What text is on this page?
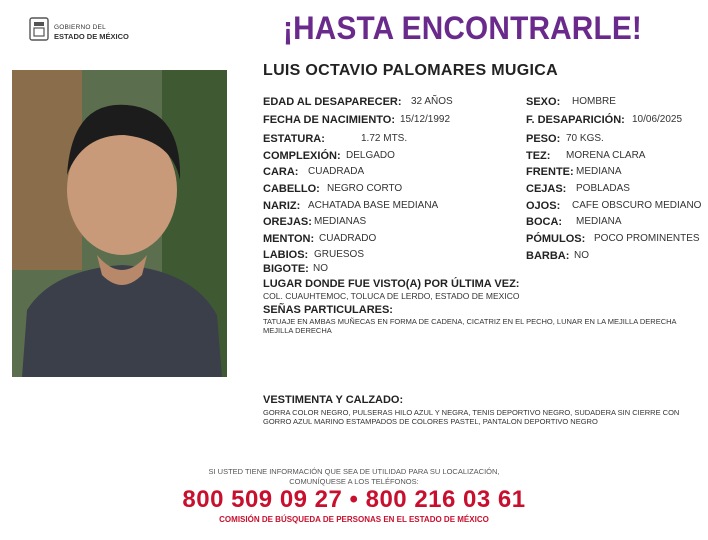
GOBIERNO DEL
ESTADO DE MÉXICO	¡HASTA ENCONTRARLE!
LUIS OCTAVIO PALOMARES MUGICA
EDAD AL DESAPARECER: 32 AÑOS
FECHA DE NACIMIENTO: 15/12/1992
ESTATURA:	1.72 MTS.
COMPLEXIÓN: DELGADO
CARA: CUADRADA
CABELLO: NEGRO CORTO
NARIZ: ACHATADA BASE MEDIANA
OREJAS: MEDIANAS
MENTON: CUADRADO
LABIOS: GRUESOS
BIGOTE: NO
SEXO: HOMBRE
F. DESAPARICIÓN: 10/06/2025
PESO: 70 KGS.
TEZ: MORENA CLARA
FRENTE: MEDIANA
CEJAS: POBLADAS
OJOS: CAFE OBSCURO MEDIANO
BOCA: MEDIANA
PÓMULOS: POCO PROMINENTES
BARBA: NO
LUGAR DONDE FUE VISTO(A) POR ÚLTIMA VEZ:
COL. CUAUHTEMOC, TOLUCA DE LERDO, ESTADO DE MEXICO
SEÑAS PARTICULARES:
TATUAJE EN AMBAS MUÑECAS EN FORMA DE CADENA, CICATRIZ EN EL PECHO, LUNAR EN LA MEJILLA DERECHA
MEJILLA DERECHA
VESTIMENTA Y CALZADO:
GORRA COLOR NEGRO, PULSERAS HILO AZUL Y NEGRA, TENIS DEPORTIVO NEGRO, SUDADERA SIN CIERRE CON
GORRO AZUL MARINO ESTAMPADOS DE COLORES PASTEL, PANTALON DEPORTIVO NEGRO
SI USTED TIENE INFORMACIÓN QUE SEA DE UTILIDAD PARA SU LOCALIZACIÓN,
COMUNÍQUESE A LOS TELÉFONOS:
800 509 09 27 • 800 216 03 61
COMISIÓN DE BÚSQUEDA DE PERSONAS EN EL ESTADO DE MÉXICO
